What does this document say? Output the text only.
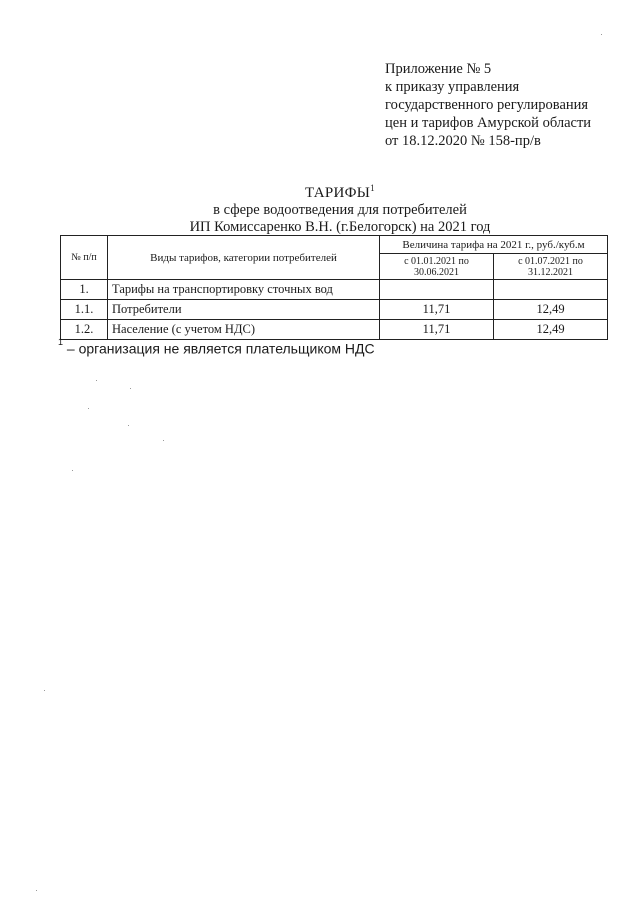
Приложение № 5
к приказу управления
государственного регулирования
цен и тарифов Амурской области
от 18.12.2020 № 158-пр/в
ТАРИФЫ$^1$
в сфере водоотведения для потребителей
ИП Комиссаренко В.Н. (г.Белогорск) на 2021 год
№ п/п	Виды тарифов, категории потребителей	Величина тарифа на 2021 г., руб./куб.м	
		с 01.01.2021 по 30.06.2021	с 01.07.2021 по 31.12.2021
1.	Тарифы на транспортировку сточных вод		
1.1.	Потребители	11,71	12,49
1.2.	Население (с учетом НДС)	11,71	12,49
$^1$ – организация не является плательщиком НДС
